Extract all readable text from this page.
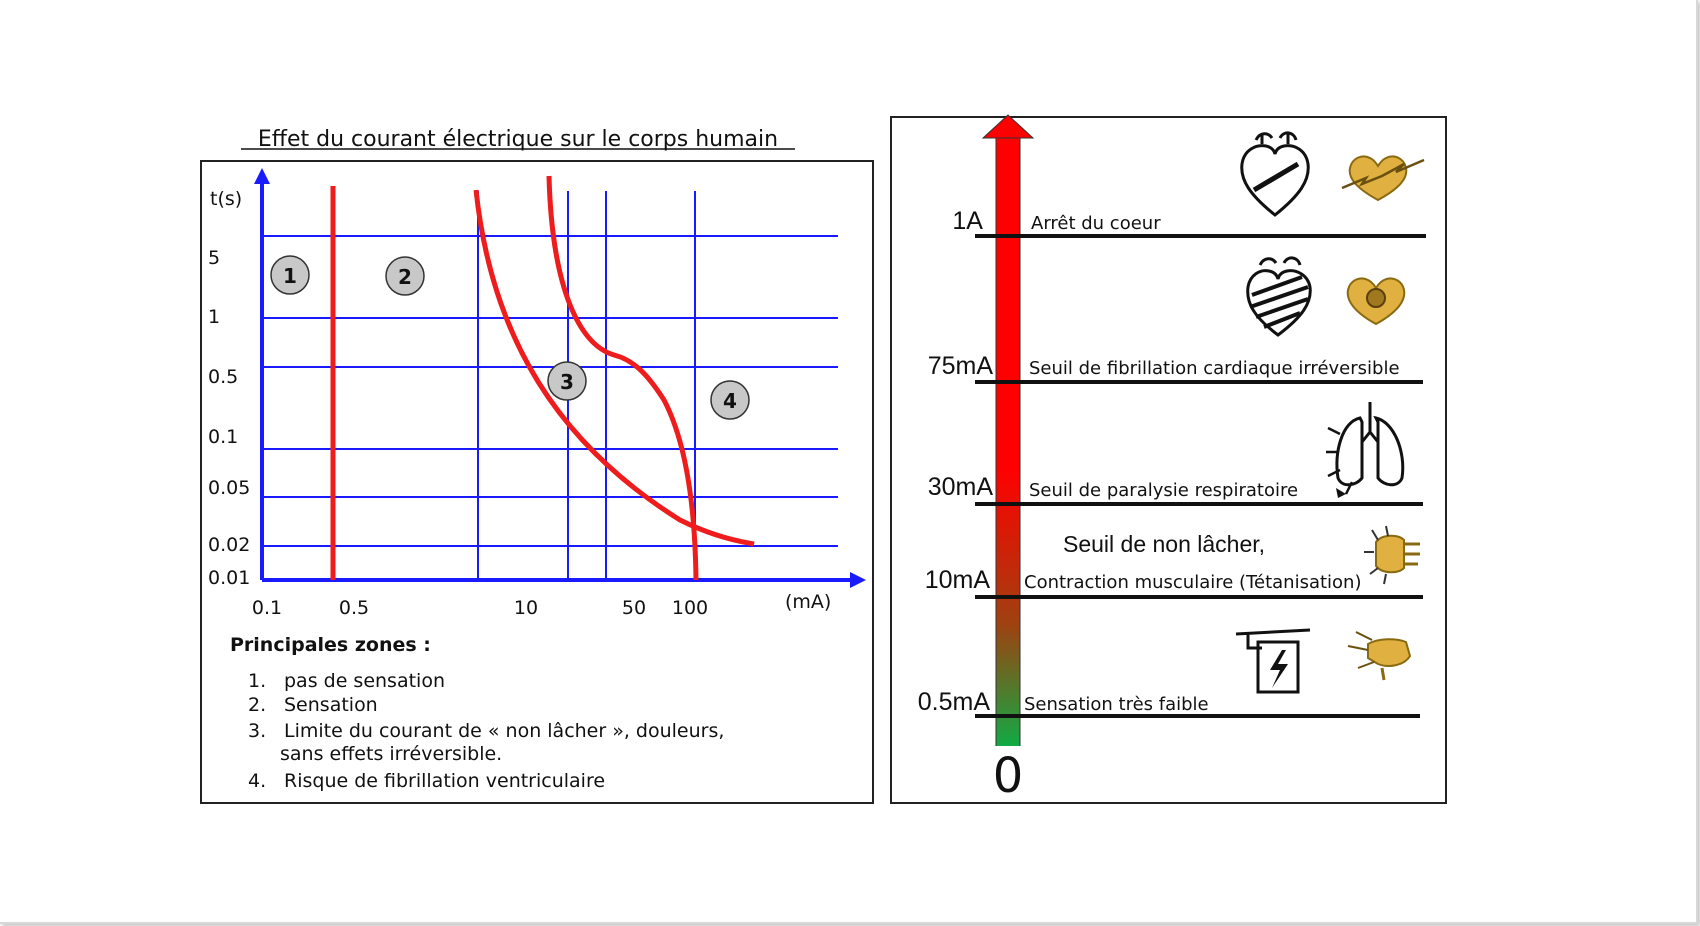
Effet du courant électrique sur le corps humain
t(s)
5
1
0.5
0.1
0.05
0.02
0.01
0.1	0.5	10	50 100	(mA)
1	2
3
4
Principales zones :
1. pas de sensation
2. Sensation
3. Limite du courant de « non lâcher », douleurs,
sans effets irréversible.
4. Risque de fibrillation ventriculaire	0
1A
75mA
30mA
10mA
0.5mA
Arrêt du coeur
Seuil de fibrillation cardiaque irréversible
Seuil de paralysie respiratoire
Seuil de non lâcher,
Contraction musculaire (Tétanisation)
Sensation très faible
